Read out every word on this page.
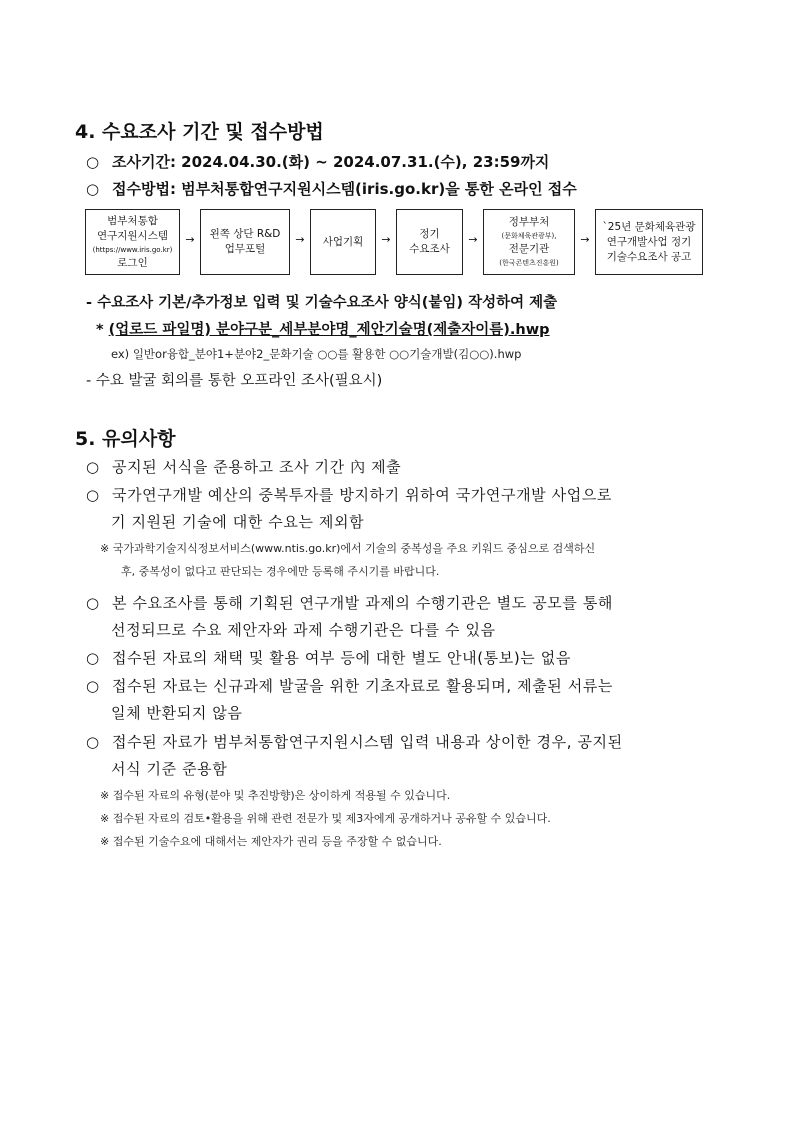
4. 수요조사 기간 및 접수방법
○ 조사기간: 2024.04.30.(화) ~ 2024.07.31.(수), 23:59까지
○ 접수방법: 범부처통합연구지원시스템(iris.go.kr)을 통한 온라인 접수
범부처통합
연구지원시스템
(https://www.iris.go.kr)
로그인
→	왼쪽 상단 R&D
업무포털
→	사업기획	→	정기
수요조사
→
정부부처
(문화체육관광부),
전문기관
(한국콘텐츠진흥원)
→
`25년 문화체육관광
연구개발사업 정기
기술수요조사 공고
- 수요조사 기본/추가정보 입력 및 기술수요조사 양식(붙임) 작성하여 제출
* (업로드 파일명) 분야구분_세부분야명_제안기술명(제출자이름).hwp
ex) 일반or융합_분야1+분야2_문화기술 ○○를 활용한 ○○기술개발(김○○).hwp
- 수요 발굴 회의를 통한 오프라인 조사(필요시)
5. 유의사항
○ 공지된 서식을 준용하고 조사 기간 內 제출
○ 국가연구개발 예산의 중복투자를 방지하기 위하여 국가연구개발 사업으로
기 지원된 기술에 대한 수요는 제외함
※ 국가과학기술지식정보서비스(www.ntis.go.kr)에서 기술의 중복성을 주요 키워드 중심으로 검색하신
후, 중복성이 없다고 판단되는 경우에만 등록해 주시기를 바랍니다.
○ 본 수요조사를 통해 기획된 연구개발 과제의 수행기관은 별도 공모를 통해
선정되므로 수요 제안자와 과제 수행기관은 다를 수 있음
○ 접수된 자료의 채택 및 활용 여부 등에 대한 별도 안내(통보)는 없음
○ 접수된 자료는 신규과제 발굴을 위한 기초자료로 활용되며, 제출된 서류는
일체 반환되지 않음
○ 접수된 자료가 범부처통합연구지원시스템 입력 내용과 상이한 경우, 공지된
서식 기준 준용함
※ 접수된 자료의 유형(분야 및 추진방향)은 상이하게 적용될 수 있습니다.
※ 접수된 자료의 검토•활용을 위해 관련 전문가 및 제3자에게 공개하거나 공유할 수 있습니다.
※ 접수된 기술수요에 대해서는 제안자가 권리 등을 주장할 수 없습니다.
